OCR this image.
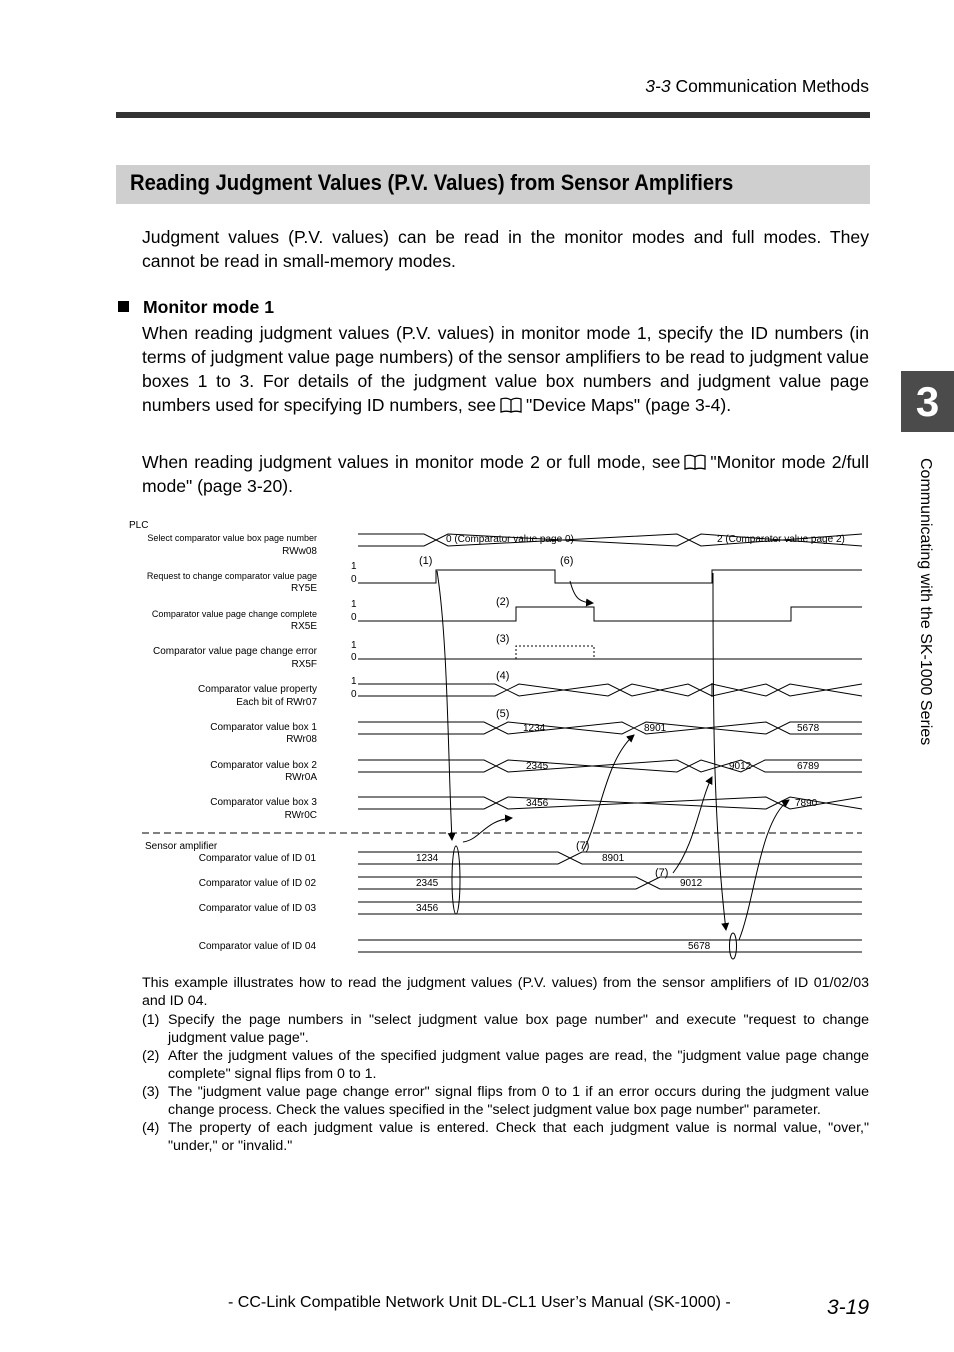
3-3 Communication Methods
Reading Judgment Values (P.V. Values) from Sensor Amplifiers
Judgment values (P.V. values) can be read in the monitor modes and full modes. They cannot be read in small-memory modes.
Monitor mode 1
When reading judgment values (P.V. values) in monitor mode 1, specify the ID numbers (in terms of judgment value page numbers) of the sensor amplifiers to be read to judgment value boxes 1 to 3. For details of the judgment value box numbers and judgment value page numbers used for specifying ID numbers, see "Device Maps" (page 3-4).
When reading judgment values in monitor mode 2 or full mode, see "Monitor mode 2/full mode" (page 3-20).
3
Communicating with the SK-1000 Series
PLC
Select comparator value box page number
RWw08
Request to change comparator value page
RY5E
Comparator value page change complete
RX5E
Comparator value page change error
RX5F
Comparator value property
Each bit of RWr07
Comparator value box 1
RWr08
Comparator value box 2
RWr0A
Comparator value box 3
RWr0C
Sensor amplifier
Comparator value of ID 01
Comparator value of ID 02
Comparator value of ID 03
Comparator value of ID 04
1
0
1
0
1
0
1
0
0 (Comparator value page 0)	2 (Comparator value page 2)
1234	8901	5678
2345	9012	6789
3456	7890
1234	8901
2345	9012
3456
5678
(1)
(2)
(3)
(4)
(5)
(6)
(7)
(7)
This example illustrates how to read the judgment values (P.V. values) from the sensor amplifiers of ID 01/02/03 and ID 04.
(1) Specify the page numbers in "select judgment value box page number" and execute "request to change judgment value page".
(2) After the judgment values of the specified judgment value pages are read, the "judgment value page change complete" signal flips from 0 to 1.
(3) The "judgment value page change error" signal flips from 0 to 1 if an error occurs during the judgment value change process. Check the values specified in the "select judgment value box page number" parameter.
(4) The property of each judgment value is entered. Check that each judgment value is normal value, "over," "under," or "invalid."
- CC-Link Compatible Network Unit DL-CL1 User’s Manual (SK-1000) -	3-19
